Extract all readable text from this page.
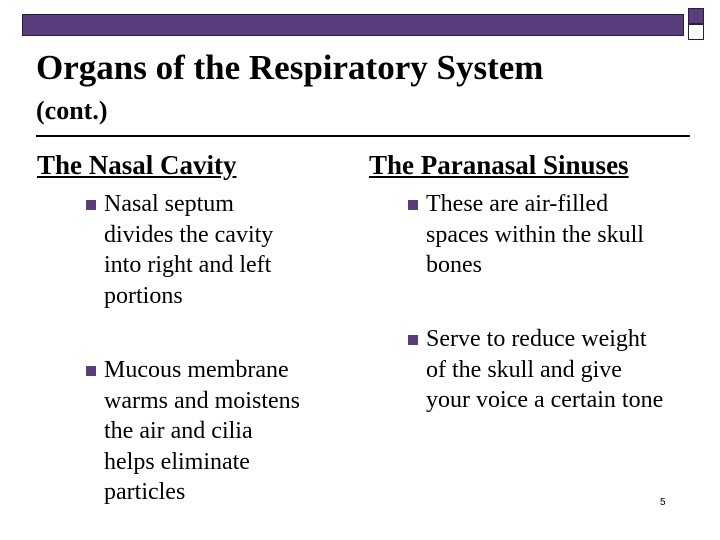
Organs of the Respiratory System
(cont.)
The Nasal Cavity	The Paranasal Sinuses
Nasal septum
divides the cavity
into right and left
portions
Mucous membrane
warms and moistens
the air and cilia
helps eliminate
particles
These are air-filled
spaces within the skull
bones
Serve to reduce weight
of the skull and give
your voice a certain tone
5
